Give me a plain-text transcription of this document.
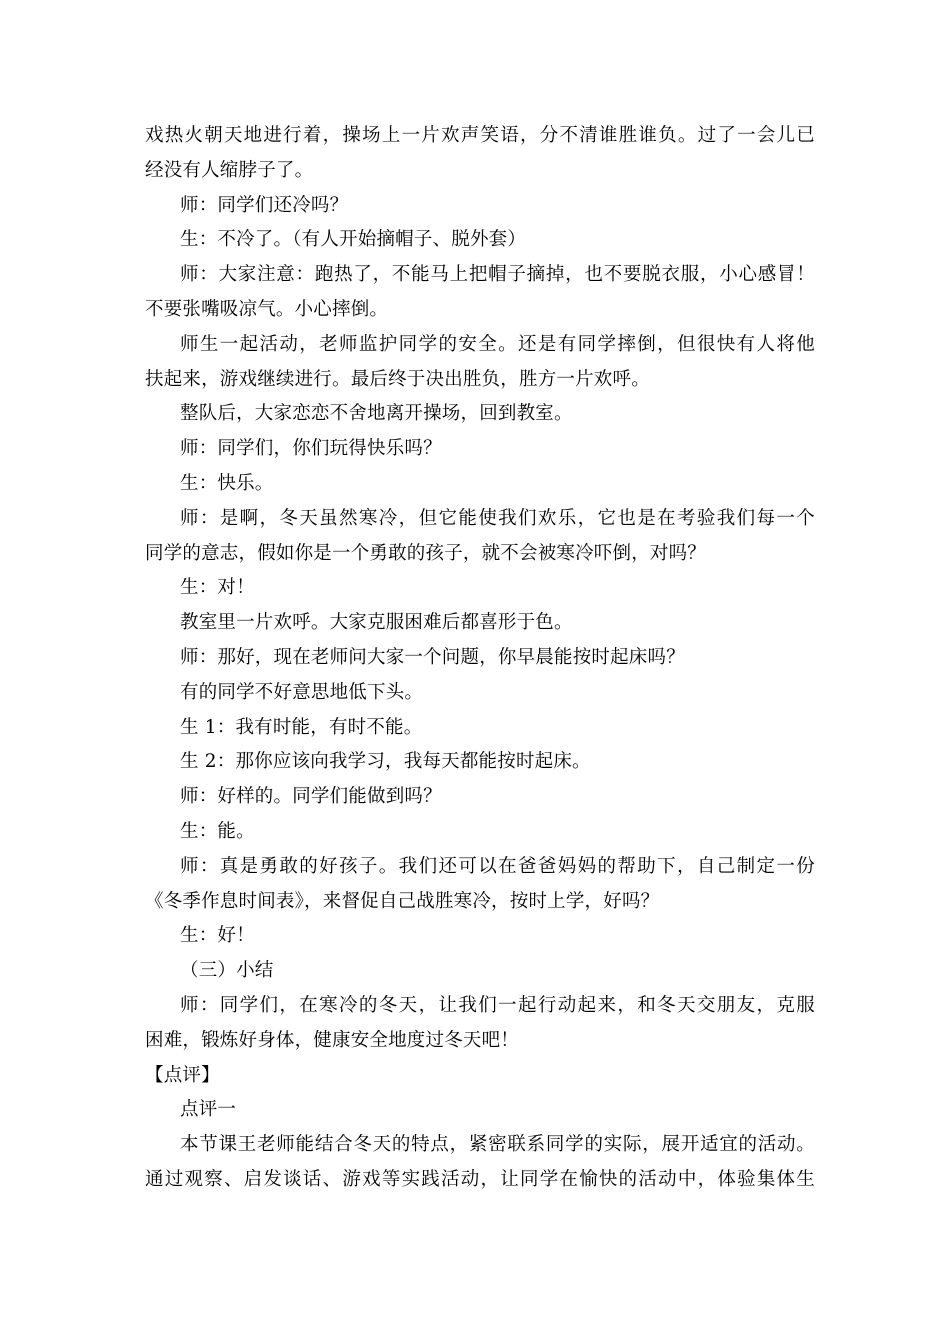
戏热火朝天地进行着，操场上一片欢声笑语，分不清谁胜谁负。过了一会儿已
经没有人缩脖子了。
师：同学们还冷吗？
生：不冷了。（有人开始摘帽子、脱外套）
师：大家注意：跑热了，不能马上把帽子摘掉，也不要脱衣服，小心感冒！
不要张嘴吸凉气。小心摔倒。
师生一起活动，老师监护同学的安全。还是有同学摔倒，但很快有人将他
扶起来，游戏继续进行。最后终于决出胜负，胜方一片欢呼。
整队后，大家恋恋不舍地离开操场，回到教室。
师：同学们，你们玩得快乐吗？
生：快乐。
师：是啊，冬天虽然寒冷，但它能使我们欢乐，它也是在考验我们每一个
同学的意志，假如你是一个勇敢的孩子，就不会被寒冷吓倒，对吗？
生：对！
教室里一片欢呼。大家克服困难后都喜形于色。
师：那好，现在老师问大家一个问题，你早晨能按时起床吗？
有的同学不好意思地低下头。
生 1：我有时能，有时不能。
生 2：那你应该向我学习，我每天都能按时起床。
师：好样的。同学们能做到吗？
生：能。
师：真是勇敢的好孩子。我们还可以在爸爸妈妈的帮助下，自己制定一份
《冬季作息时间表》，来督促自己战胜寒冷，按时上学，好吗？
生：好！
（三）小结
师：同学们，在寒冷的冬天，让我们一起行动起来，和冬天交朋友，克服
困难，锻炼好身体，健康安全地度过冬天吧！
【点评】
点评一
本节课王老师能结合冬天的特点，紧密联系同学的实际，展开适宜的活动。
通过观察、启发谈话、游戏等实践活动，让同学在愉快的活动中，体验集体生
